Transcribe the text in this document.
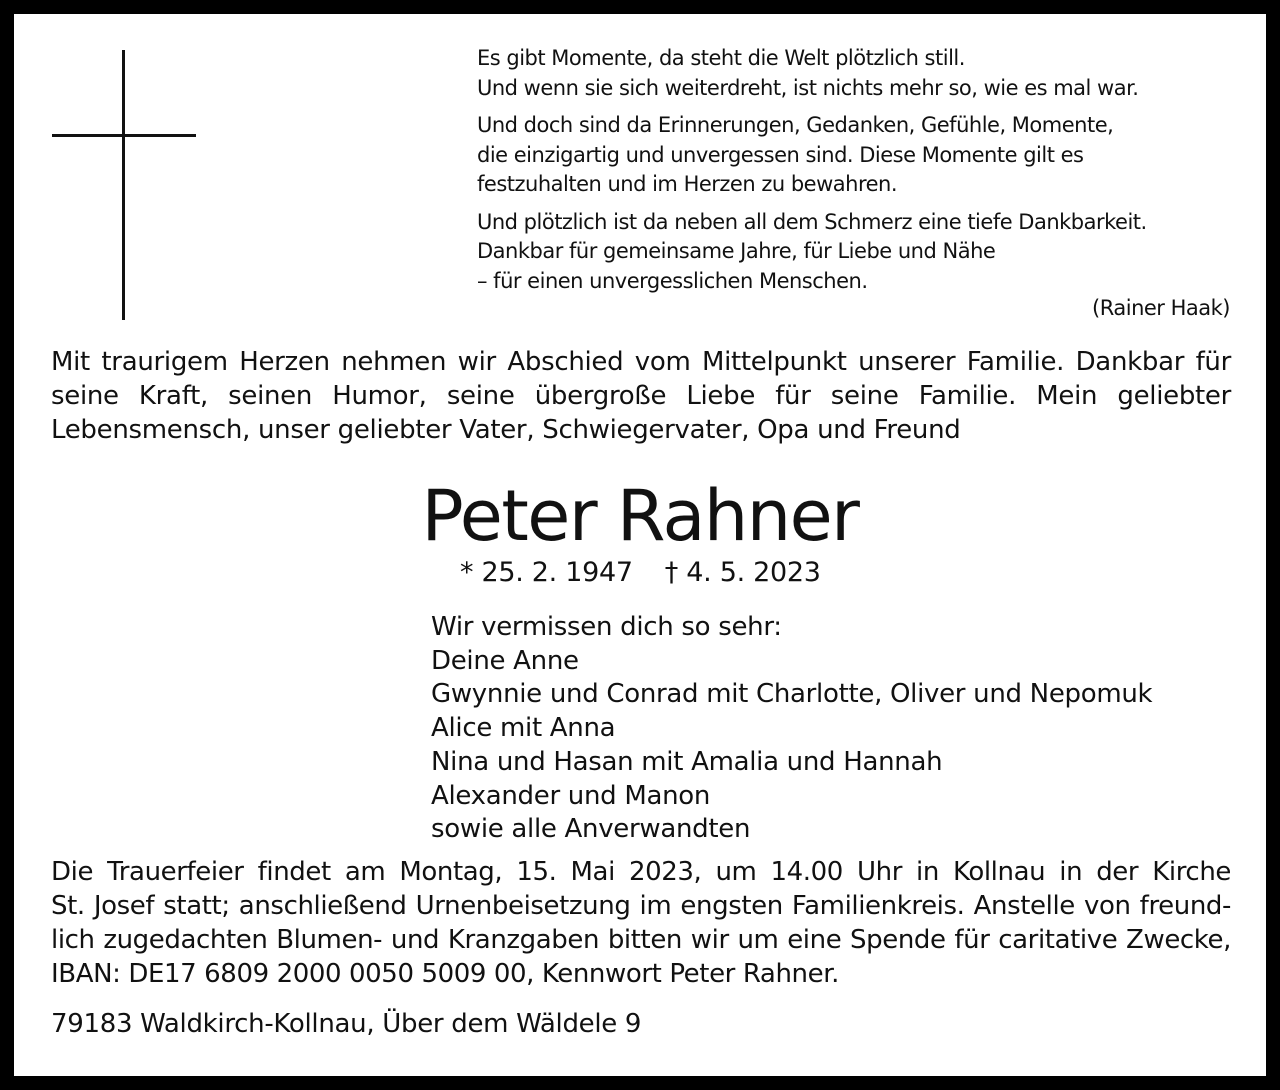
Es gibt Momente, da steht die Welt plötzlich still.
Und wenn sie sich weiterdreht, ist nichts mehr so, wie es mal war.
Und doch sind da Erinnerungen, Gedanken, Gefühle, Momente,
die einzigartig und unvergessen sind. Diese Momente gilt es
festzuhalten und im Herzen zu bewahren.
Und plötzlich ist da neben all dem Schmerz eine tiefe Dankbarkeit.
Dankbar für gemeinsame Jahre, für Liebe und Nähe
– für einen unvergesslichen Menschen.
(Rainer Haak)
Mit traurigem Herzen nehmen wir Abschied vom Mittelpunkt unserer Familie. Dankbar für
seine Kraft, seinen Humor, seine übergroße Liebe für seine Familie. Mein geliebter
Lebensmensch, unser geliebter Vater, Schwiegervater, Opa und Freund
Peter Rahner
* 25. 2. 1947 † 4. 5. 2023
Wir vermissen dich so sehr:
Deine Anne
Gwynnie und Conrad mit Charlotte, Oliver und Nepomuk
Alice mit Anna
Nina und Hasan mit Amalia und Hannah
Alexander und Manon
sowie alle Anverwandten
Die Trauerfeier findet am Montag, 15. Mai 2023, um 14.00 Uhr in Kollnau in der Kirche
St. Josef statt; anschließend Urnenbeisetzung im engsten Familienkreis. Anstelle von freund-
lich zugedachten Blumen- und Kranzgaben bitten wir um eine Spende für caritative Zwecke,
IBAN: DE17 6809 2000 0050 5009 00, Kennwort Peter Rahner.
79183 Waldkirch-Kollnau, Über dem Wäldele 9
